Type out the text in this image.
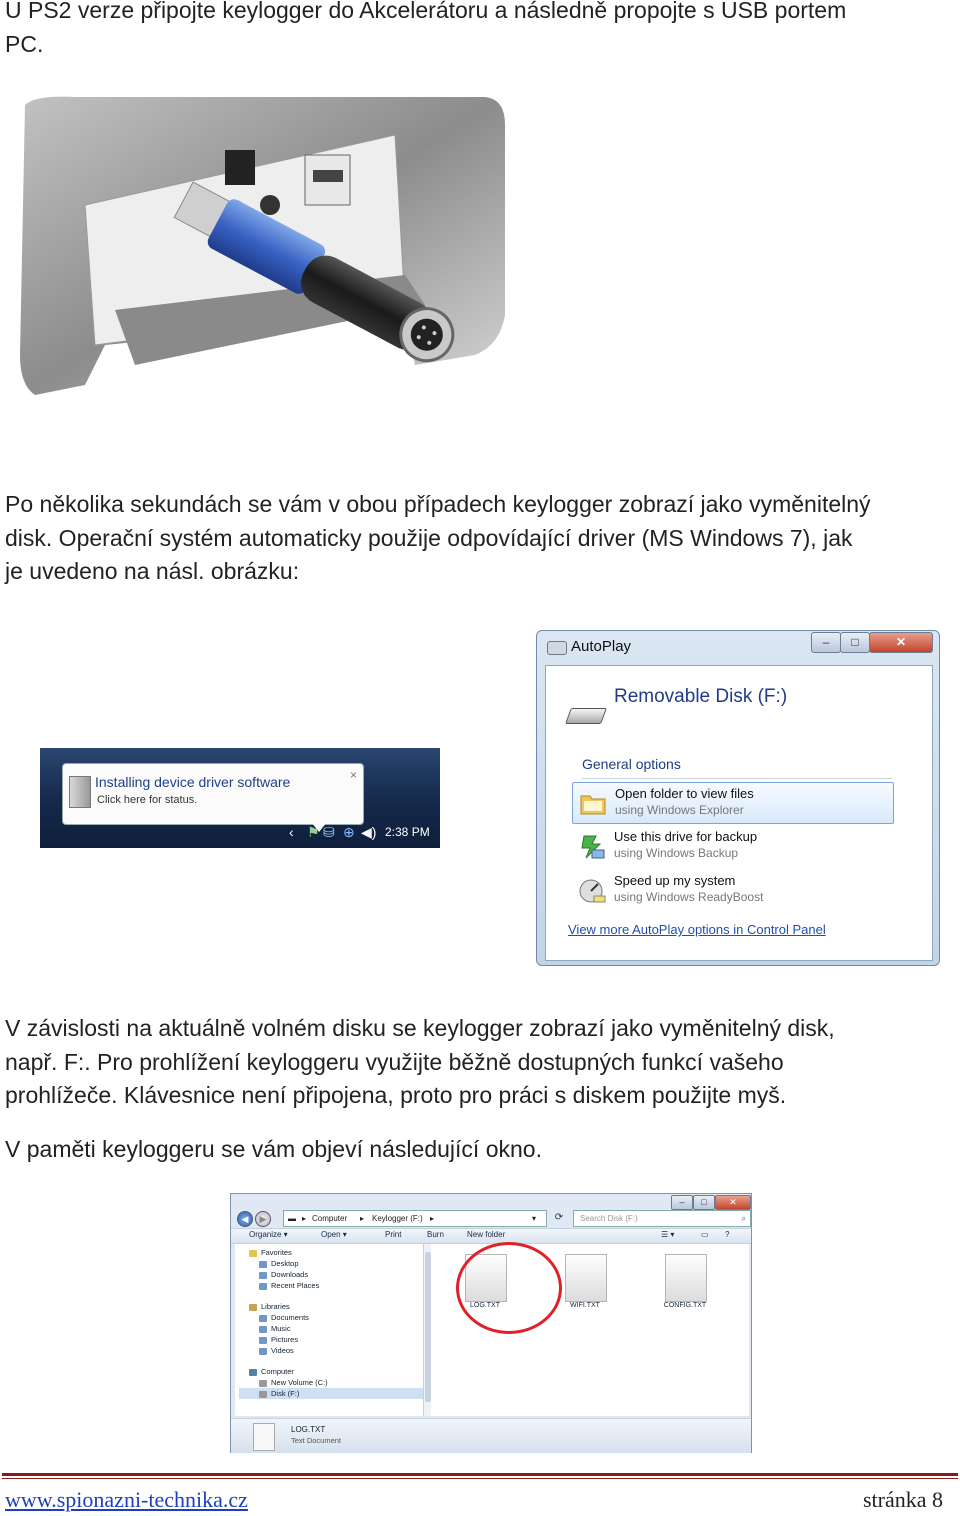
U PS2 verze připojte keylogger do Akcelerátoru a následně propojte s USB portem
PC.
Po několika sekundách se vám v obou případech keylogger zobrazí jako vyměnitelný
disk. Operační systém automaticky použije odpovídající driver (MS Windows 7), jak
je uvedeno na násl. obrázku:
Installing device driver software
Click here for status.
×
‹ ⚑ ⛁ ⊕ ◀) 2:38 PM
AutoPlay	–	□	✕
Removable Disk (F:)
General options
Open folder to view files
using Windows Explorer
Use this drive for backup
using Windows Backup
Speed up my system
using Windows ReadyBoost
View more AutoPlay options in Control Panel
V závislosti na aktuálně volném disku se keylogger zobrazí jako vyměnitelný disk,
např. F:. Pro prohlížení keyloggeru využijte běžně dostupných funkcí vašeho
prohlížeče. Klávesnice není připojena, proto pro práci s diskem použijte myš.
V paměti keyloggeru se vám objeví následující okno.
–	□	✕
◀	▶	▬ ▸ Computer ▸ Keylogger (F:) ▸	▾	⟳	Search Disk (F:)	⌕
Organize ▾	Open ▾	Print	Burn	New folder	☰ ▾	▭ ?
Favorites
Desktop
Downloads
Recent Places
Libraries
Documents
Music
Pictures
Videos
Computer
New Volume (C:)
Disk (F:)
LOG.TXT	WIFI.TXT	CONFIG.TXT
LOG.TXT
Text Document
www.spionazni-technika.cz	stránka 8
